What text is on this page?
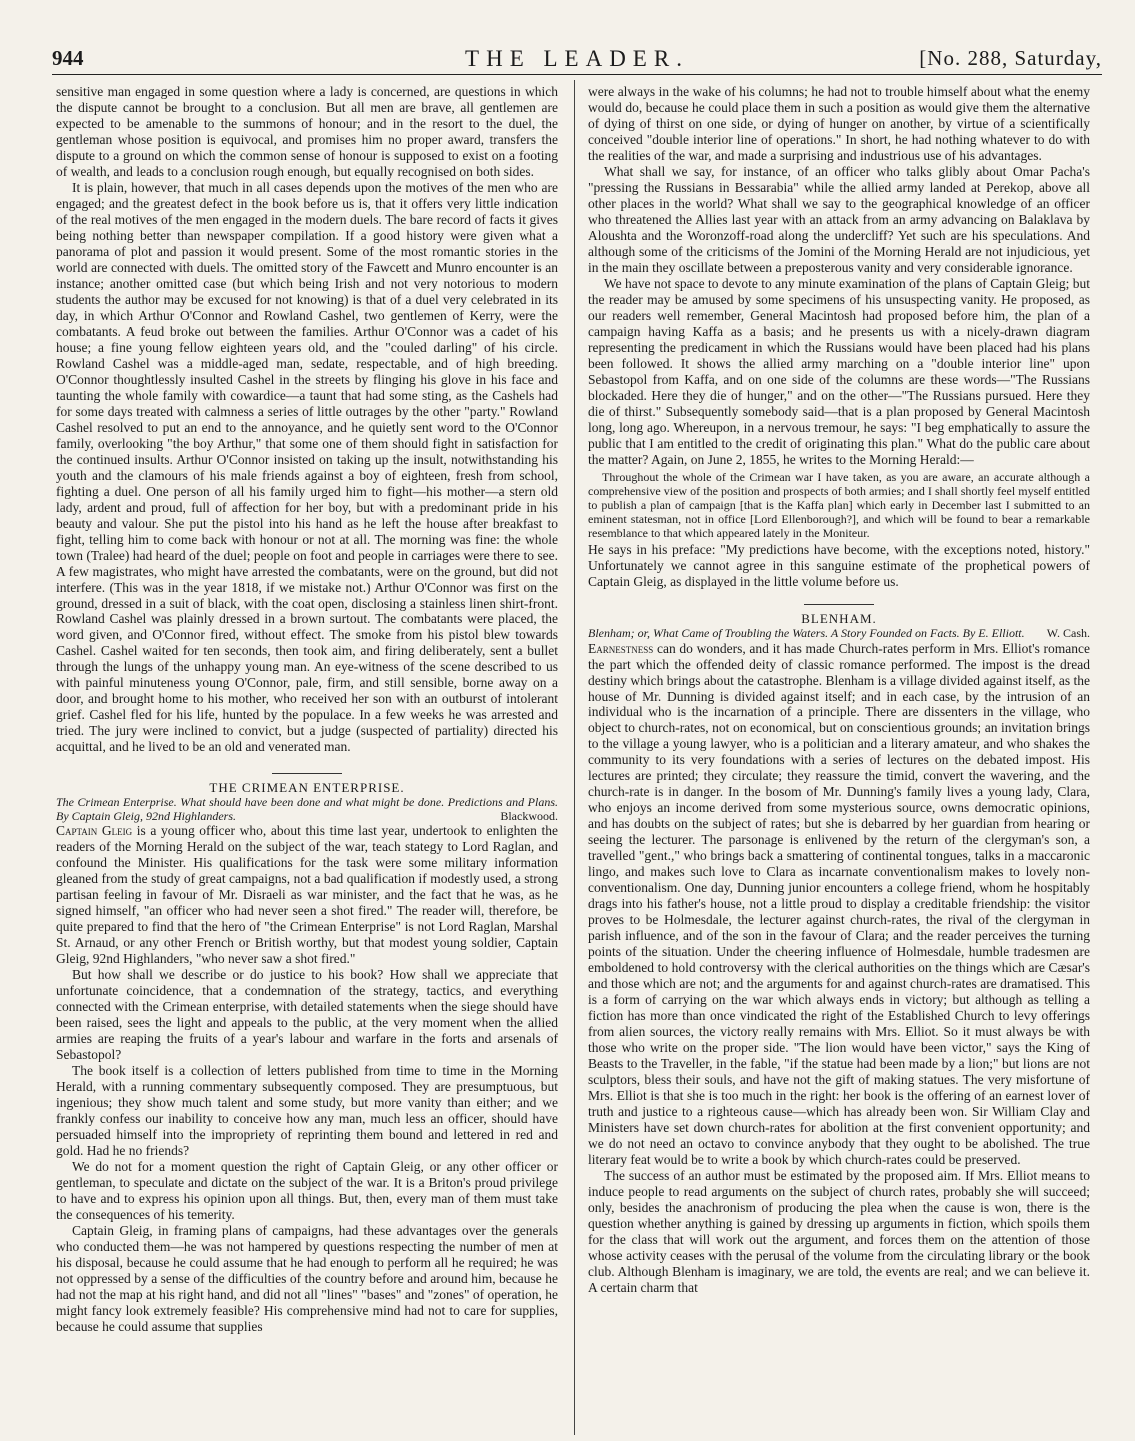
944	THE LEADER.	[No. 288, Saturday,

sensitive man engaged in some question where a lady is concerned, are questions in which the dispute cannot be brought to a conclusion. But all men are brave, all gentlemen are expected to be amenable to the summons of honour; and in the resort to the duel, the gentleman whose position is equivocal, and promises him no proper award, transfers the dispute to a ground on which the common sense of honour is supposed to exist on a footing of wealth, and leads to a conclusion rough enough, but equally recognised on both sides.

It is plain, however, that much in all cases depends upon the motives of the men who are engaged; and the greatest defect in the book before us is, that it offers very little indication of the real motives of the men engaged in the modern duels. The bare record of facts it gives being nothing better than newspaper compilation. If a good history were given what a panorama of plot and passion it would present. Some of the most romantic stories in the world are connected with duels. The omitted story of the Fawcett and Munro encounter is an instance; another omitted case (but which being Irish and not very notorious to modern students the author may be excused for not knowing) is that of a duel very celebrated in its day, in which Arthur O'Connor and Rowland Cashel, two gentlemen of Kerry, were the combatants. A feud broke out between the families. Arthur O'Connor was a cadet of his house; a fine young fellow eighteen years old, and the "couled darling" of his circle. Rowland Cashel was a middle-aged man, sedate, respectable, and of high breeding. O'Connor thoughtlessly insulted Cashel in the streets by flinging his glove in his face and taunting the whole family with cowardice—a taunt that had some sting, as the Cashels had for some days treated with calmness a series of little outrages by the other "party." Rowland Cashel resolved to put an end to the annoyance, and he quietly sent word to the O'Connor family, overlooking "the boy Arthur," that some one of them should fight in satisfaction for the continued insults. Arthur O'Connor insisted on taking up the insult, notwithstanding his youth and the clamours of his male friends against a boy of eighteen, fresh from school, fighting a duel. One person of all his family urged him to fight—his mother—a stern old lady, ardent and proud, full of affection for her boy, but with a predominant pride in his beauty and valour. She put the pistol into his hand as he left the house after breakfast to fight, telling him to come back with honour or not at all. The morning was fine: the whole town (Tralee) had heard of the duel; people on foot and people in carriages were there to see. A few magistrates, who might have arrested the combatants, were on the ground, but did not interfere. (This was in the year 1818, if we mistake not.) Arthur O'Connor was first on the ground, dressed in a suit of black, with the coat open, disclosing a stainless linen shirt-front. Rowland Cashel was plainly dressed in a brown surtout. The combatants were placed, the word given, and O'Connor fired, without effect. The smoke from his pistol blew towards Cashel. Cashel waited for ten seconds, then took aim, and firing deliberately, sent a bullet through the lungs of the unhappy young man. An eye-witness of the scene described to us with painful minuteness young O'Connor, pale, firm, and still sensible, borne away on a door, and brought home to his mother, who received her son with an outburst of intolerant grief. Cashel fled for his life, hunted by the populace. In a few weeks he was arrested and tried. The jury were inclined to convict, but a judge (suspected of partiality) directed his acquittal, and he lived to be an old and venerated man.

THE CRIMEAN ENTERPRISE.

The Crimean Enterprise. What should have been done and what might be done. Predictions and Plans. By Captain Gleig, 92nd Highlanders.	Blackwood.

Captain Gleig is a young officer who, about this time last year, undertook to enlighten the readers of the Morning Herald on the subject of the war, teach stategy to Lord Raglan, and confound the Minister. His qualifications for the task were some military information gleaned from the study of great campaigns, not a bad qualification if modestly used, a strong partisan feeling in favour of Mr. Disraeli as war minister, and the fact that he was, as he signed himself, "an officer who had never seen a shot fired." The reader will, therefore, be quite prepared to find that the hero of "the Crimean Enterprise" is not Lord Raglan, Marshal St. Arnaud, or any other French or British worthy, but that modest young soldier, Captain Gleig, 92nd Highlanders, "who never saw a shot fired."

But how shall we describe or do justice to his book? How shall we appreciate that unfortunate coincidence, that a condemnation of the strategy, tactics, and everything connected with the Crimean enterprise, with detailed statements when the siege should have been raised, sees the light and appeals to the public, at the very moment when the allied armies are reaping the fruits of a year's labour and warfare in the forts and arsenals of Sebastopol?

The book itself is a collection of letters published from time to time in the Morning Herald, with a running commentary subsequently composed. They are presumptuous, but ingenious; they show much talent and some study, but more vanity than either; and we frankly confess our inability to conceive how any man, much less an officer, should have persuaded himself into the impropriety of reprinting them bound and lettered in red and gold. Had he no friends?

We do not for a moment question the right of Captain Gleig, or any other officer or gentleman, to speculate and dictate on the subject of the war. It is a Briton's proud privilege to have and to express his opinion upon all things. But, then, every man of them must take the consequences of his temerity.

Captain Gleig, in framing plans of campaigns, had these advantages over the generals who conducted them—he was not hampered by questions respecting the number of men at his disposal, because he could assume that he had enough to perform all he required; he was not oppressed by a sense of the difficulties of the country before and around him, because he had not the map at his right hand, and did not all "lines" "bases" and "zones" of operation, he might fancy look extremely feasible? His comprehensive mind had not to care for supplies, because he could assume that supplies

were always in the wake of his columns; he had not to trouble himself about what the enemy would do, because he could place them in such a position as would give them the alternative of dying of thirst on one side, or dying of hunger on another, by virtue of a scientifically conceived "double interior line of operations." In short, he had nothing whatever to do with the realities of the war, and made a surprising and industrious use of his advantages.

What shall we say, for instance, of an officer who talks glibly about Omar Pacha's "pressing the Russians in Bessarabia" while the allied army landed at Perekop, above all other places in the world? What shall we say to the geographical knowledge of an officer who threatened the Allies last year with an attack from an army advancing on Balaklava by Aloushta and the Woronzoff-road along the undercliff? Yet such are his speculations. And although some of the criticisms of the Jomini of the Morning Herald are not injudicious, yet in the main they oscillate between a preposterous vanity and very considerable ignorance.

We have not space to devote to any minute examination of the plans of Captain Gleig; but the reader may be amused by some specimens of his unsuspecting vanity. He proposed, as our readers well remember, General Macintosh had proposed before him, the plan of a campaign having Kaffa as a basis; and he presents us with a nicely-drawn diagram representing the predicament in which the Russians would have been placed had his plans been followed. It shows the allied army marching on a "double interior line" upon Sebastopol from Kaffa, and on one side of the columns are these words—"The Russians blockaded. Here they die of hunger," and on the other—"The Russians pursued. Here they die of thirst." Subsequently somebody said—that is a plan proposed by General Macintosh long, long ago. Whereupon, in a nervous tremour, he says: "I beg emphatically to assure the public that I am entitled to the credit of originating this plan." What do the public care about the matter? Again, on June 2, 1855, he writes to the Morning Herald:—

Throughout the whole of the Crimean war I have taken, as you are aware, an accurate although a comprehensive view of the position and prospects of both armies; and I shall shortly feel myself entitled to publish a plan of campaign [that is the Kaffa plan] which early in December last I submitted to an eminent statesman, not in office [Lord Ellenborough?], and which will be found to bear a remarkable resemblance to that which appeared lately in the Moniteur.

He says in his preface: "My predictions have become, with the exceptions noted, history." Unfortunately we cannot agree in this sanguine estimate of the prophetical powers of Captain Gleig, as displayed in the little volume before us.

BLENHAM.

Blenham; or, What Came of Troubling the Waters. A Story Founded on Facts. By E. Elliott. W. Cash.

Earnestness can do wonders, and it has made Church-rates perform in Mrs. Elliot's romance the part which the offended deity of classic romance performed. The impost is the dread destiny which brings about the catastrophe. Blenham is a village divided against itself, as the house of Mr. Dunning is divided against itself; and in each case, by the intrusion of an individual who is the incarnation of a principle. There are dissenters in the village, who object to church-rates, not on economical, but on conscientious grounds; an invitation brings to the village a young lawyer, who is a politician and a literary amateur, and who shakes the community to its very foundations with a series of lectures on the debated impost. His lectures are printed; they circulate; they reassure the timid, convert the wavering, and the church-rate is in danger. In the bosom of Mr. Dunning's family lives a young lady, Clara, who enjoys an income derived from some mysterious source, owns democratic opinions, and has doubts on the subject of rates; but she is debarred by her guardian from hearing or seeing the lecturer. The parsonage is enlivened by the return of the clergyman's son, a travelled "gent.," who brings back a smattering of continental tongues, talks in a maccaronic lingo, and makes such love to Clara as incarnate conventionalism makes to lovely non-conventionalism. One day, Dunning junior encounters a college friend, whom he hospitably drags into his father's house, not a little proud to display a creditable friendship: the visitor proves to be Holmesdale, the lecturer against church-rates, the rival of the clergyman in parish influence, and of the son in the favour of Clara; and the reader perceives the turning points of the situation. Under the cheering influence of Holmesdale, humble tradesmen are emboldened to hold controversy with the clerical authorities on the things which are Cæsar's and those which are not; and the arguments for and against church-rates are dramatised. This is a form of carrying on the war which always ends in victory; but although as telling a fiction has more than once vindicated the right of the Established Church to levy offerings from alien sources, the victory really remains with Mrs. Elliot. So it must always be with those who write on the proper side. "The lion would have been victor," says the King of Beasts to the Traveller, in the fable, "if the statue had been made by a lion;" but lions are not sculptors, bless their souls, and have not the gift of making statues. The very misfortune of Mrs. Elliot is that she is too much in the right: her book is the offering of an earnest lover of truth and justice to a righteous cause—which has already been won. Sir William Clay and Ministers have set down church-rates for abolition at the first convenient opportunity; and we do not need an octavo to convince anybody that they ought to be abolished. The true literary feat would be to write a book by which church-rates could be preserved.

The success of an author must be estimated by the proposed aim. If Mrs. Elliot means to induce people to read arguments on the subject of church rates, probably she will succeed; only, besides the anachronism of producing the plea when the cause is won, there is the question whether anything is gained by dressing up arguments in fiction, which spoils them for the class that will work out the argument, and forces them on the attention of those whose activity ceases with the perusal of the volume from the circulating library or the book club. Although Blenham is imaginary, we are told, the events are real; and we can believe it. A certain charm that
